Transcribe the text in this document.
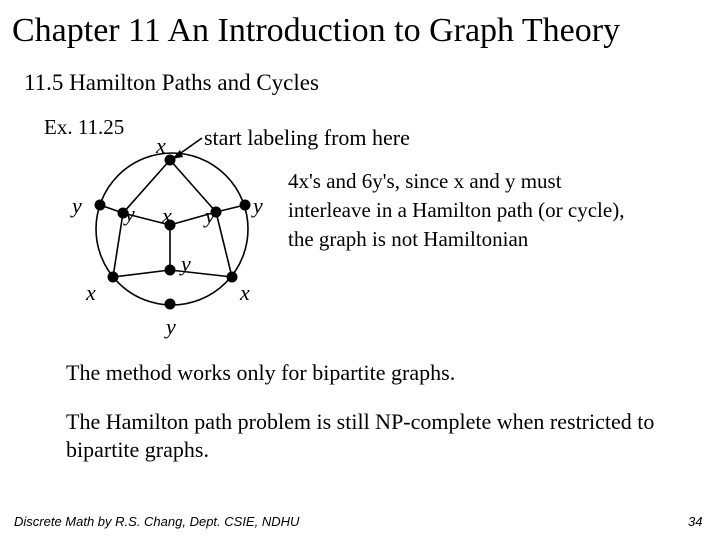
Chapter 11 An Introduction to Graph Theory
11.5 Hamilton Paths and Cycles
Ex. 11.25	start labeling from here
4x's and 6y's, since x and y must
interleave in a Hamilton path (or cycle),
the graph is not Hamiltonian
x
y	y
y	y
x
y
x	x
y
The method works only for bipartite graphs.
The Hamilton path problem is still NP-complete when restricted to bipartite graphs.
Discrete Math by R.S. Chang, Dept. CSIE, NDHU	34
